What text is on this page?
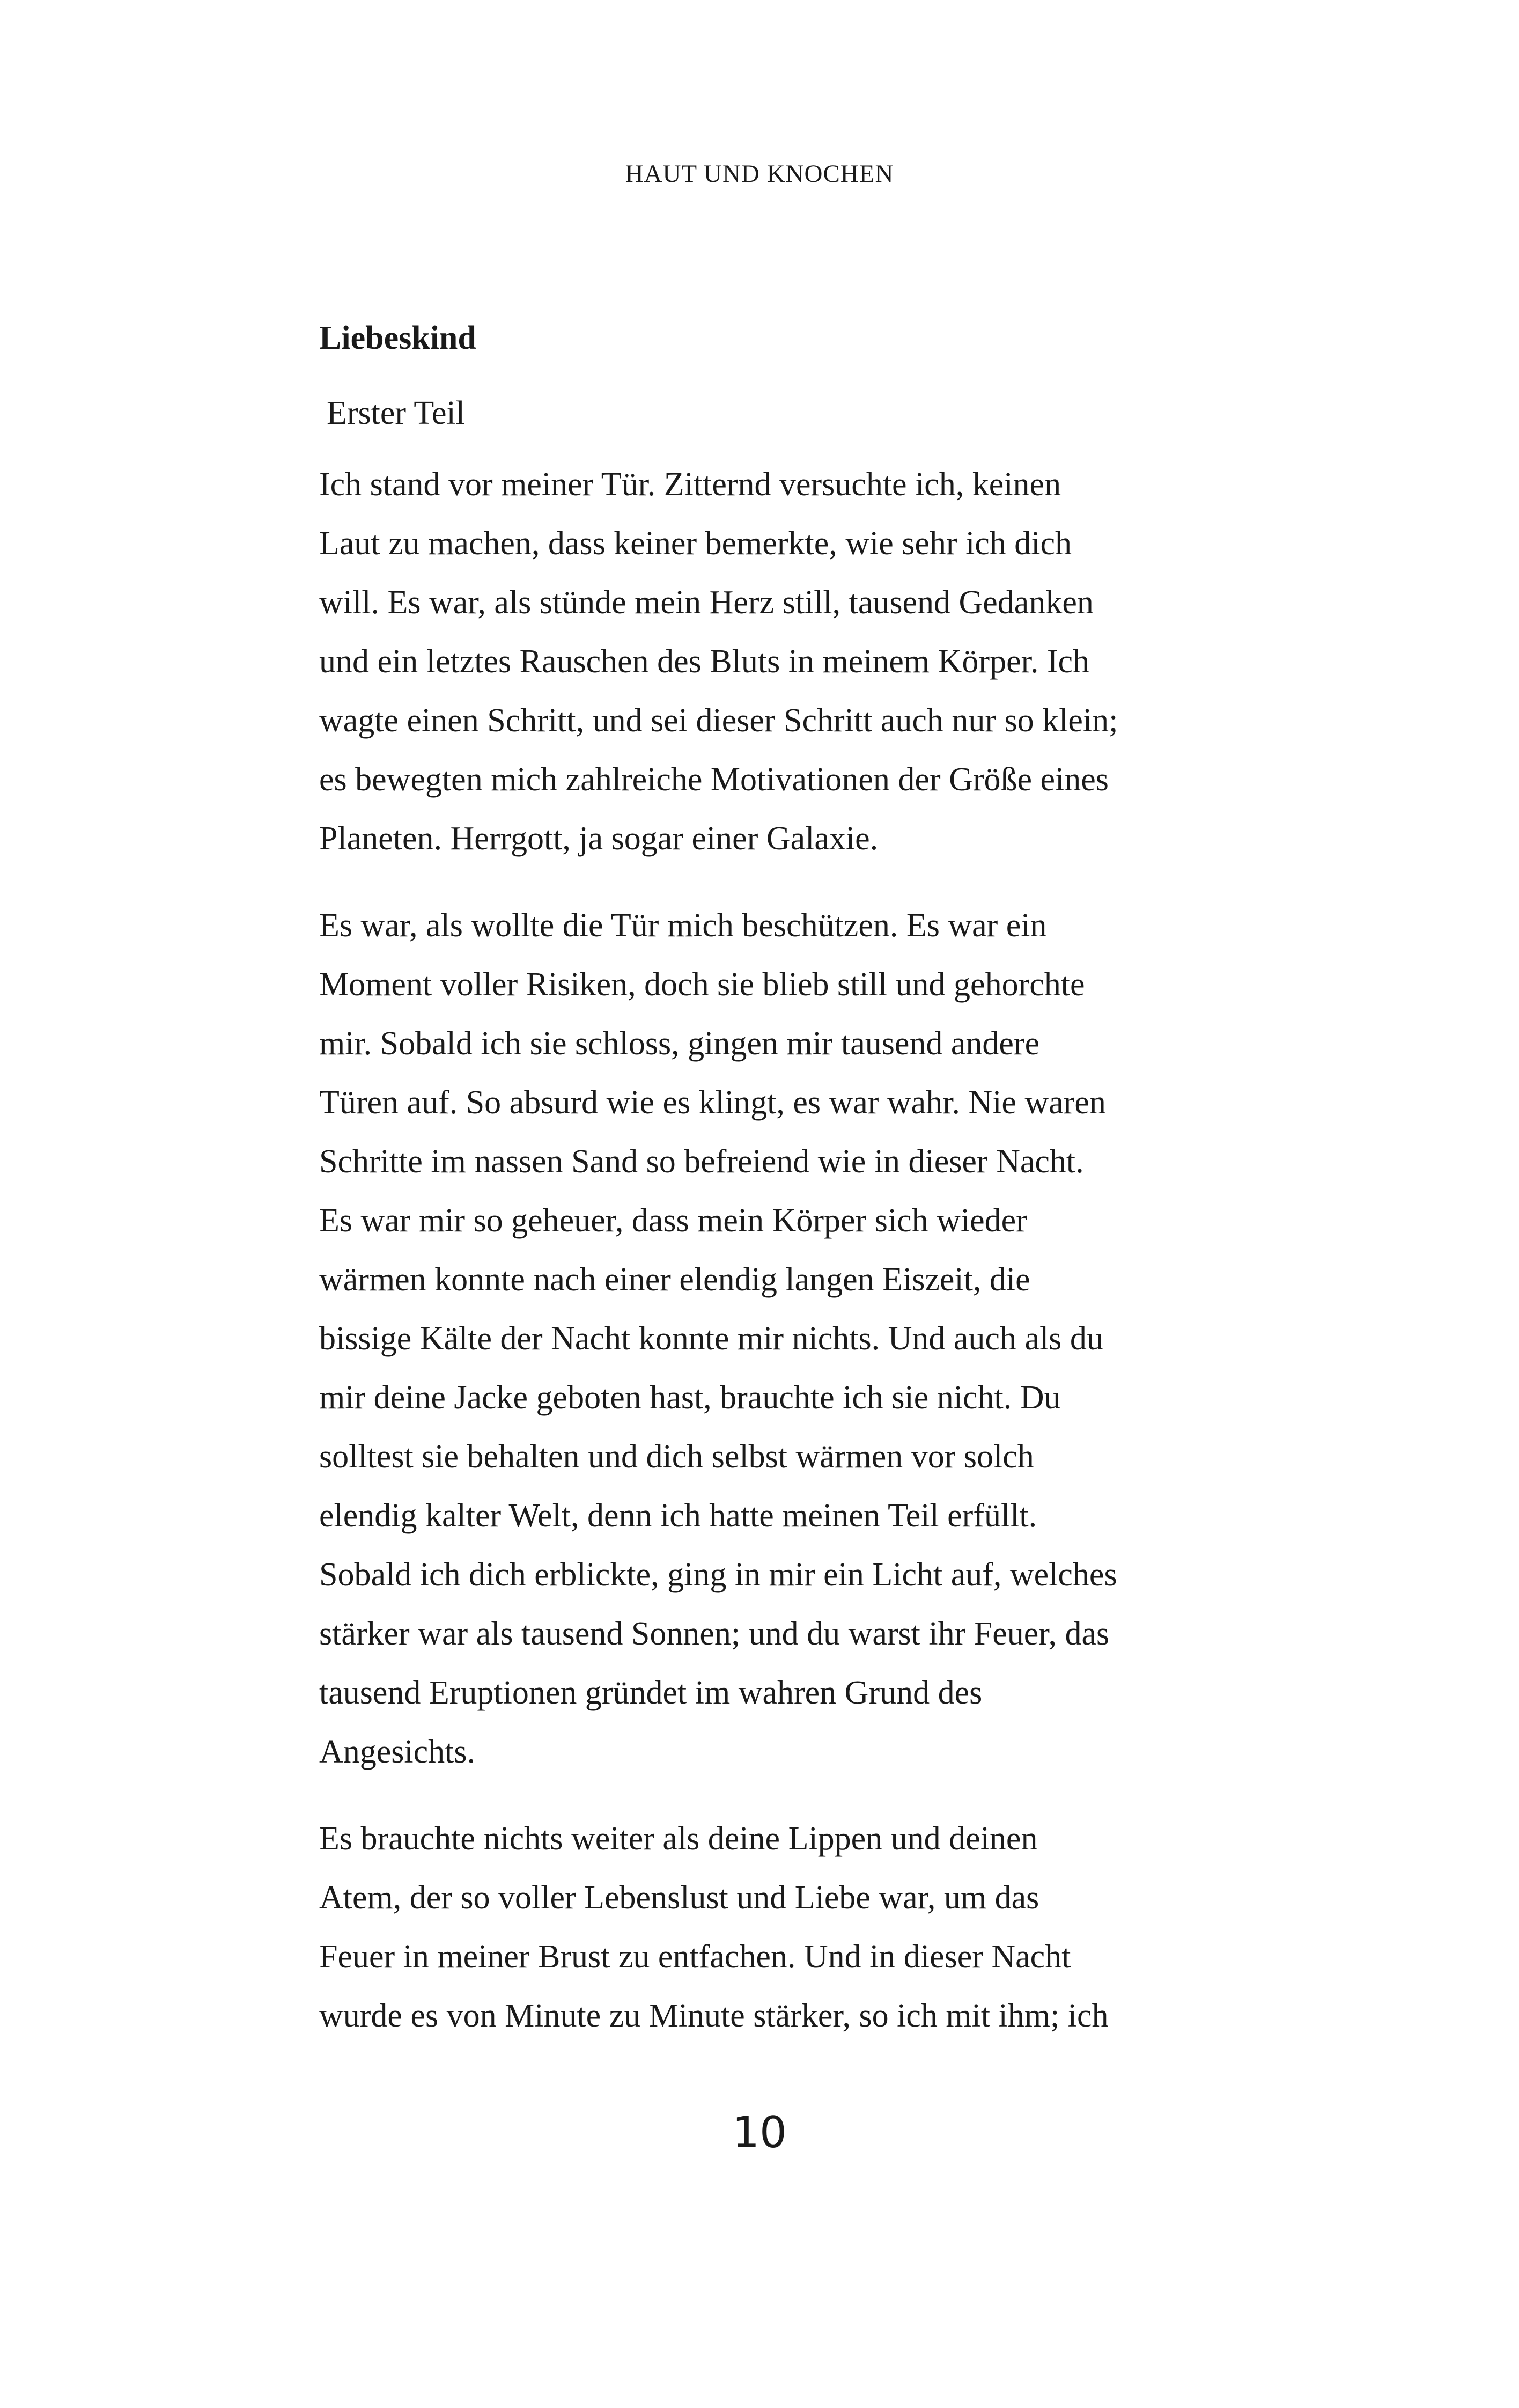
HAUT UND KNOCHEN

Liebeskind

Erster Teil

Ich stand vor meiner Tür. Zitternd versuchte ich, keinen
Laut zu machen, dass keiner bemerkte, wie sehr ich dich
will. Es war, als stünde mein Herz still, tausend Gedanken
und ein letztes Rauschen des Bluts in meinem Körper. Ich
wagte einen Schritt, und sei dieser Schritt auch nur so klein;
es bewegten mich zahlreiche Motivationen der Größe eines
Planeten. Herrgott, ja sogar einer Galaxie.

Es war, als wollte die Tür mich beschützen. Es war ein
Moment voller Risiken, doch sie blieb still und gehorchte
mir. Sobald ich sie schloss, gingen mir tausend andere
Türen auf. So absurd wie es klingt, es war wahr. Nie waren
Schritte im nassen Sand so befreiend wie in dieser Nacht.
Es war mir so geheuer, dass mein Körper sich wieder
wärmen konnte nach einer elendig langen Eiszeit, die
bissige Kälte der Nacht konnte mir nichts. Und auch als du
mir deine Jacke geboten hast, brauchte ich sie nicht. Du
solltest sie behalten und dich selbst wärmen vor solch
elendig kalter Welt, denn ich hatte meinen Teil erfüllt.
Sobald ich dich erblickte, ging in mir ein Licht auf, welches
stärker war als tausend Sonnen; und du warst ihr Feuer, das
tausend Eruptionen gründet im wahren Grund des
Angesichts.

Es brauchte nichts weiter als deine Lippen und deinen
Atem, der so voller Lebenslust und Liebe war, um das
Feuer in meiner Brust zu entfachen. Und in dieser Nacht
wurde es von Minute zu Minute stärker, so ich mit ihm; ich

10
